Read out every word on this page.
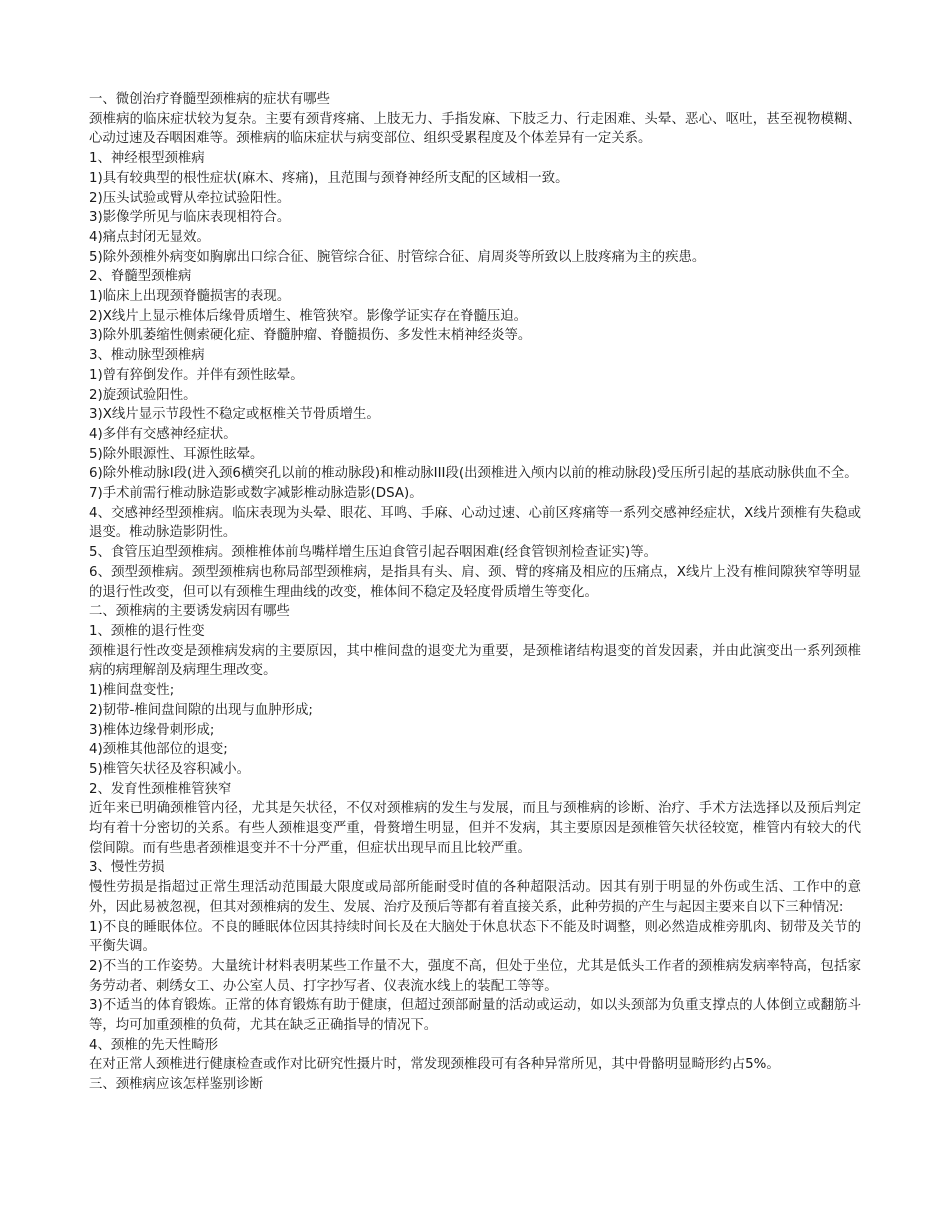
一、微创治疗脊髓型颈椎病的症状有哪些

颈椎病的临床症状较为复杂。主要有颈背疼痛、上肢无力、手指发麻、下肢乏力、行走困难、头晕、恶心、呕吐，甚至视物模糊、心动过速及吞咽困难等。颈椎病的临床症状与病变部位、组织受累程度及个体差异有一定关系。

1、神经根型颈椎病

1)具有较典型的根性症状(麻木、疼痛)，且范围与颈脊神经所支配的区域相一致。

2)压头试验或臂从牵拉试验阳性。

3)影像学所见与临床表现相符合。

4)痛点封闭无显效。

5)除外颈椎外病变如胸廓出口综合征、腕管综合征、肘管综合征、肩周炎等所致以上肢疼痛为主的疾患。

2、脊髓型颈椎病

1)临床上出现颈脊髓损害的表现。

2)X线片上显示椎体后缘骨质增生、椎管狭窄。影像学证实存在脊髓压迫。

3)除外肌萎缩性侧索硬化症、脊髓肿瘤、脊髓损伤、多发性末梢神经炎等。

3、椎动脉型颈椎病

1)曾有猝倒发作。并伴有颈性眩晕。

2)旋颈试验阳性。

3)X线片显示节段性不稳定或枢椎关节骨质增生。

4)多伴有交感神经症状。

5)除外眼源性、耳源性眩晕。

6)除外椎动脉Ⅰ段(进入颈6横突孔以前的椎动脉段)和椎动脉III段(出颈椎进入颅内以前的椎动脉段)受压所引起的基底动脉供血不全。

7)手术前需行椎动脉造影或数字减影椎动脉造影(DSA)。

4、交感神经型颈椎病。临床表现为头晕、眼花、耳鸣、手麻、心动过速、心前区疼痛等一系列交感神经症状，X线片颈椎有失稳或退变。椎动脉造影阴性。

5、食管压迫型颈椎病。颈椎椎体前鸟嘴样增生压迫食管引起吞咽困难(经食管钡剂检查证实)等。

6、颈型颈椎病。颈型颈椎病也称局部型颈椎病，是指具有头、肩、颈、臂的疼痛及相应的压痛点，X线片上没有椎间隙狭窄等明显的退行性改变，但可以有颈椎生理曲线的改变，椎体间不稳定及轻度骨质增生等变化。

二、颈椎病的主要诱发病因有哪些

1、颈椎的退行性变

颈椎退行性改变是颈椎病发病的主要原因，其中椎间盘的退变尤为重要，是颈椎诸结构退变的首发因素，并由此演变出一系列颈椎病的病理解剖及病理生理改变。

1)椎间盘变性;

2)韧带-椎间盘间隙的出现与血肿形成;

3)椎体边缘骨刺形成;

4)颈椎其他部位的退变;

5)椎管矢状径及容积减小。

2、发育性颈椎椎管狭窄

近年来已明确颈椎管内径，尤其是矢状径，不仅对颈椎病的发生与发展，而且与颈椎病的诊断、治疗、手术方法选择以及预后判定均有着十分密切的关系。有些人颈椎退变严重，骨赘增生明显，但并不发病，其主要原因是颈椎管矢状径较宽，椎管内有较大的代偿间隙。而有些患者颈椎退变并不十分严重，但症状出现早而且比较严重。

3、慢性劳损

慢性劳损是指超过正常生理活动范围最大限度或局部所能耐受时值的各种超限活动。因其有别于明显的外伤或生活、工作中的意外，因此易被忽视，但其对颈椎病的发生、发展、治疗及预后等都有着直接关系，此种劳损的产生与起因主要来自以下三种情况:

1)不良的睡眠体位。不良的睡眠体位因其持续时间长及在大脑处于休息状态下不能及时调整，则必然造成椎旁肌肉、韧带及关节的平衡失调。

2)不当的工作姿势。大量统计材料表明某些工作量不大，强度不高，但处于坐位，尤其是低头工作者的颈椎病发病率特高，包括家务劳动者、刺绣女工、办公室人员、打字抄写者、仪表流水线上的装配工等等。

3)不适当的体育锻炼。正常的体育锻炼有助于健康，但超过颈部耐量的活动或运动，如以头颈部为负重支撑点的人体倒立或翻筋斗等，均可加重颈椎的负荷，尤其在缺乏正确指导的情况下。

4、颈椎的先天性畸形

在对正常人颈椎进行健康检查或作对比研究性摄片时，常发现颈椎段可有各种异常所见，其中骨骼明显畸形约占5%。

三、颈椎病应该怎样鉴别诊断
